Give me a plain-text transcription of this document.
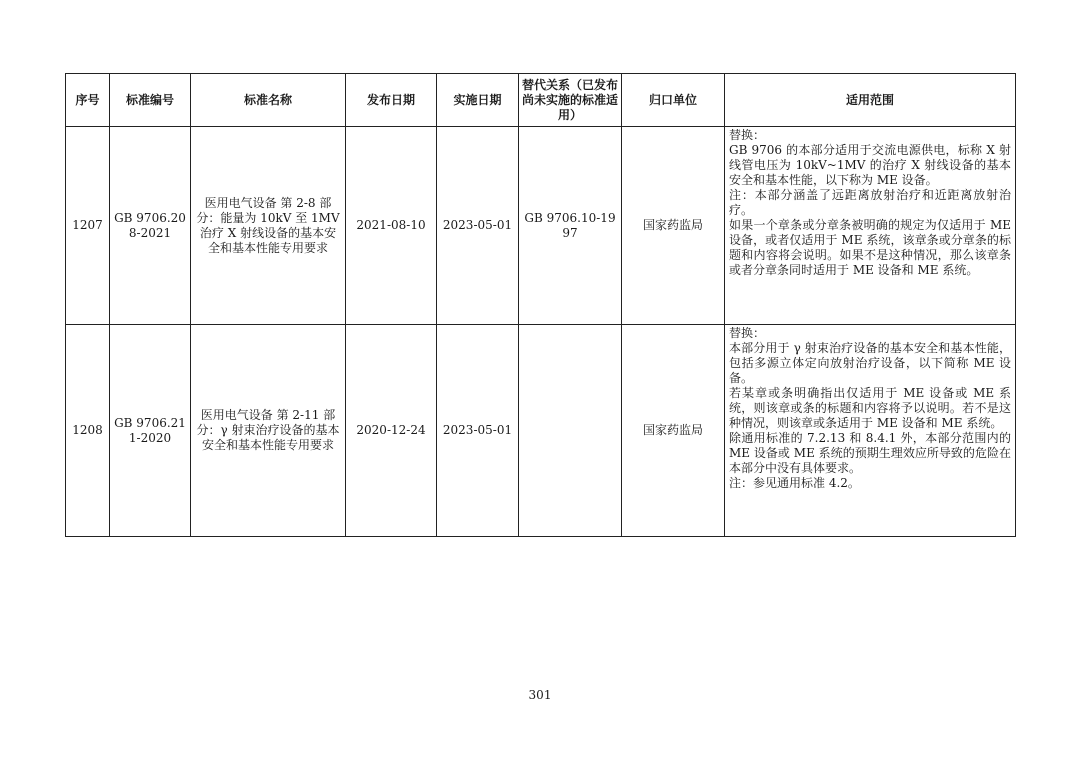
序号	标准编号	标准名称	发布日期	实施日期	替代关系（已发布尚未实施的标准适用）	归口单位	适用范围
1207	GB 9706.208-2021	医用电气设备 第 2-8 部分：能量为 10kV 至 1MV 治疗 X 射线设备的基本安全和基本性能专用要求	2021-08-10	2023-05-01	GB 9706.10-1997	国家药监局	替换：
GB 9706 的本部分适用于交流电源供电，标称 X 射线管电压为 10kV~1MV 的治疗 X 射线设备的基本安全和基本性能，以下称为 ME 设备。
注：本部分涵盖了远距离放射治疗和近距离放射治疗。
如果一个章条或分章条被明确的规定为仅适用于 ME 设备，或者仅适用于 ME 系统，该章条或分章条的标题和内容将会说明。如果不是这种情况，那么该章条或者分章条同时适用于 ME 设备和 ME 系统。

1208	GB 9706.211-2020	医用电气设备 第 2-11 部分：γ 射束治疗设备的基本安全和基本性能专用要求	2020-12-24	2023-05-01		国家药监局	替换：
本部分用于 γ 射束治疗设备的基本安全和基本性能，包括多源立体定向放射治疗设备，以下简称 ME 设备。
若某章或条明确指出仅适用于 ME 设备或 ME 系统，则该章或条的标题和内容将予以说明。若不是这种情况，则该章或条适用于 ME 设备和 ME 系统。
除通用标准的 7.2.13 和 8.4.1 外，本部分范围内的 ME 设备或 ME 系统的预期生理效应所导致的危险在本部分中没有具体要求。
注：参见通用标准 4.2。
301
